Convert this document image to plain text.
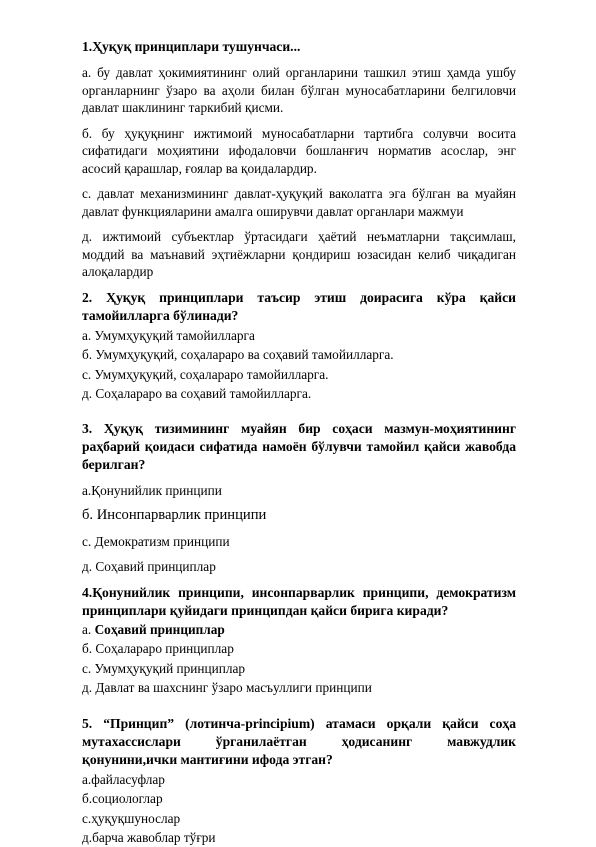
1.Ҳуқуқ принциплари тушунчаси...

а. бу давлат ҳокимиятининг олий органларини ташкил этиш ҳамда ушбу органларнинг ўзаро ва аҳоли билан бўлган муносабатларини белгиловчи давлат шаклининг таркибий қисми.

б. бу ҳуқуқнинг ижтимоий муносабатларни тартибга солувчи восита сифатидаги моҳиятини ифодаловчи бошланғич норматив асослар, энг асосий қарашлар, ғоялар ва қоидалардир.

с. давлат механизмининг давлат-ҳуқуқий ваколатга эга бўлган ва муайян давлат функцияларини амалга оширувчи давлат органлари мажмуи

д. ижтимоий субъектлар ўртасидаги ҳаётий неъматларни тақсимлаш, моддий ва маънавий эҳтиёжларни қондириш юзасидан келиб чиқадиган алоқалардир

2. Ҳуқуқ принциплари таъсир этиш доирасига кўра қайси тамойилларга бўлинади?

а. Умумҳуқуқий тамойилларга

б. Умумҳуқуқий, соҳалараро ва соҳавий тамойилларга.

с. Умумҳуқуқий, соҳалараро тамойилларга.

д. Соҳалараро ва соҳавий тамойилларга.

3. Ҳуқуқ тизимининг муайян бир соҳаси мазмун-моҳиятининг раҳбарий қоидаси сифатида намоён бўлувчи тамойил қайси жавобда берилган?

а.Қонунийлик принципи

б. Инсонпарварлик принципи

с. Демократизм принципи

д. Соҳавий принциплар

4.Қонунийлик принципи, инсонпарварлик принципи, демократизм принциплари қуйидаги принципдан қайси бирига киради?

а. Соҳавий принциплар

б. Соҳалараро принциплар

с. Умумҳуқуқий принциплар

д. Давлат ва шахснинг ўзаро масъуллиги принципи

5. “Принцип” (лотинча-principium) атамаси орқали қайси соҳа мутахассислари ўрганилаётган ҳодисанинг мавжудлик қонунини,ички мантиғини ифода этган?

а.файласуфлар

б.социологлар

с.ҳуқуқшунослар

д.барча жавоблар тўғри
